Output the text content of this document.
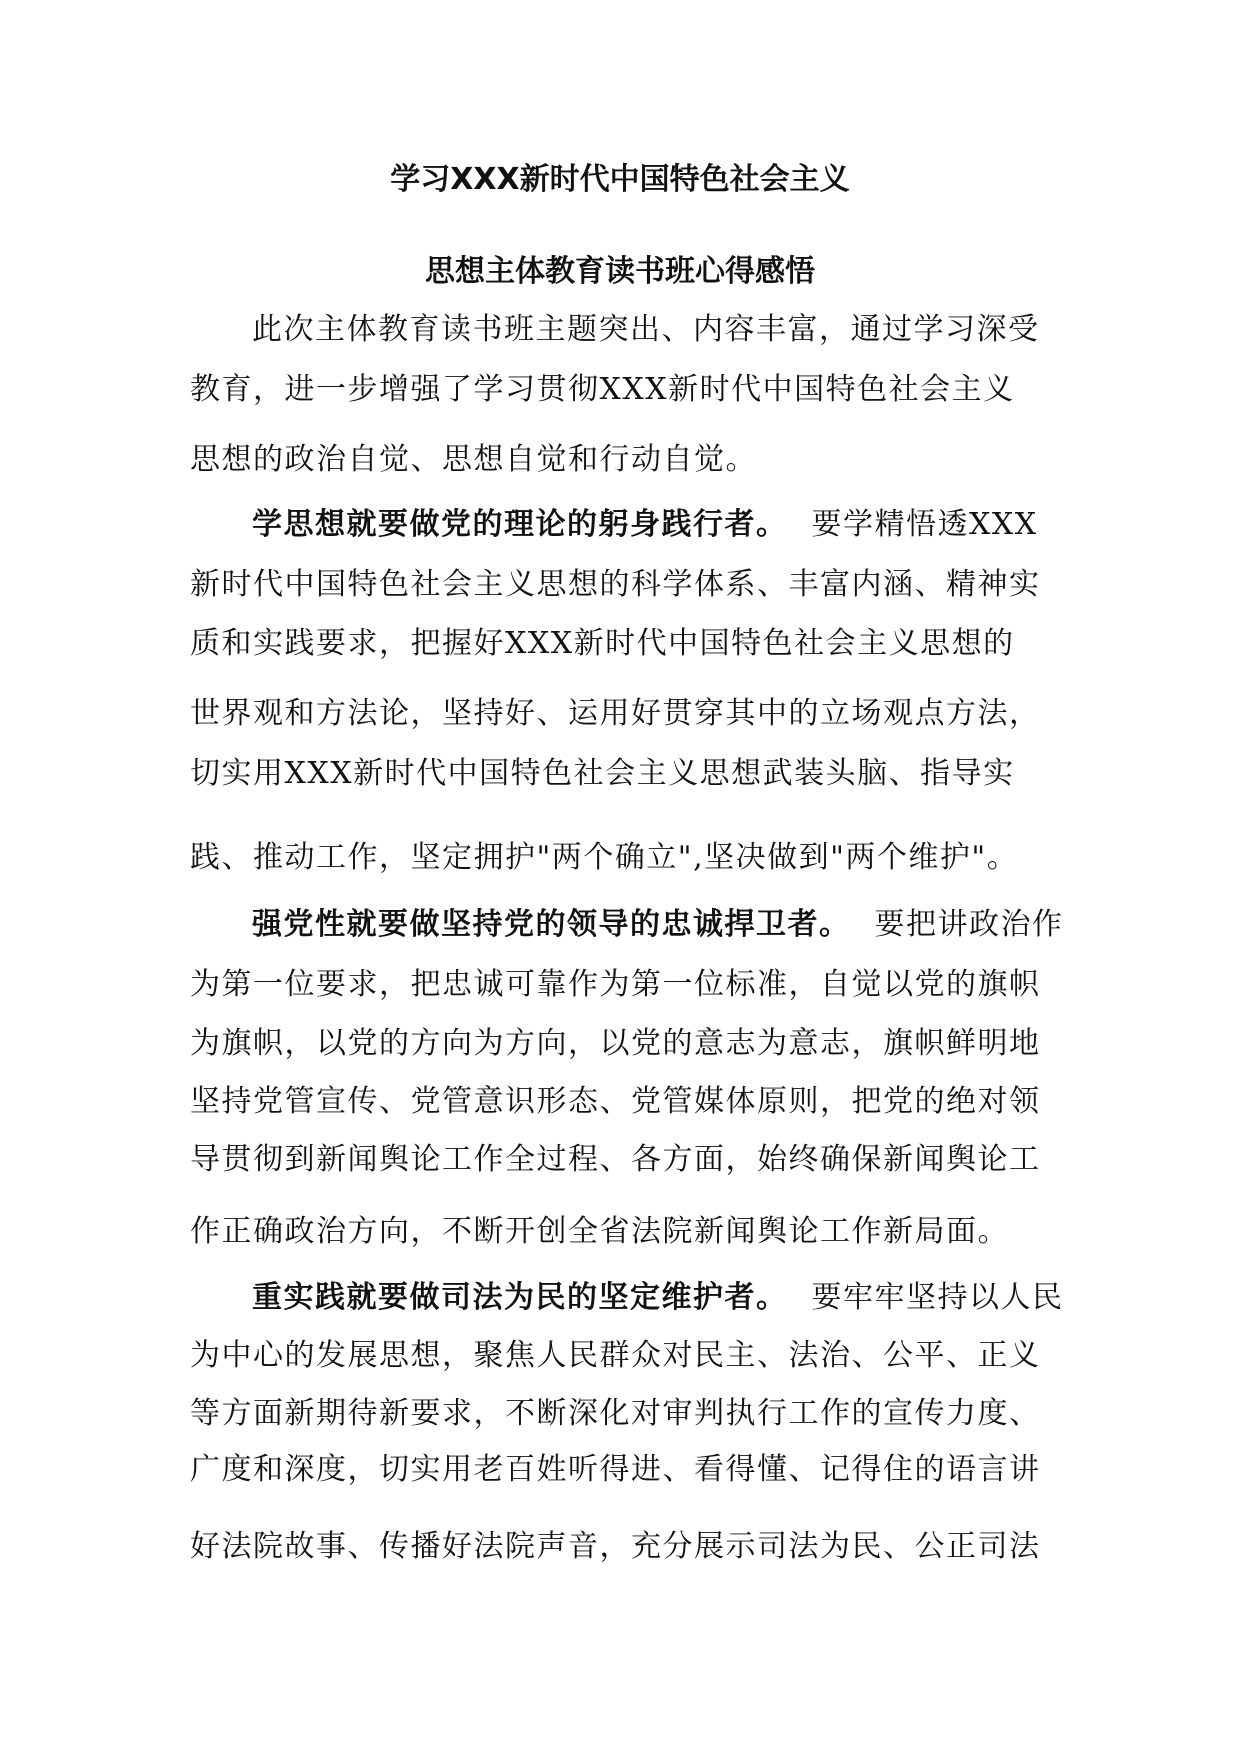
学习XXX新时代中国特色社会主义
思想主体教育读书班心得感悟

此次主体教育读书班主题突出、内容丰富，通过学习深受

教育，进一步增强了学习贯彻XXX新时代中国特色社会主义

思想的政治自觉、思想自觉和行动自觉。

学思想就要做党的理论的躬身践行者。 要学精悟透XXX

新时代中国特色社会主义思想的科学体系、丰富内涵、精神实

质和实践要求，把握好XXX新时代中国特色社会主义思想的

世界观和方法论，坚持好、运用好贯穿其中的立场观点方法，

切实用XXX新时代中国特色社会主义思想武装头脑、指导实

践、推动工作，坚定拥护"两个确立",坚决做到"两个维护"。

强党性就要做坚持党的领导的忠诚捍卫者。 要把讲政治作

为第一位要求，把忠诚可靠作为第一位标准，自觉以党的旗帜

为旗帜，以党的方向为方向，以党的意志为意志，旗帜鲜明地

坚持党管宣传、党管意识形态、党管媒体原则，把党的绝对领

导贯彻到新闻舆论工作全过程、各方面，始终确保新闻舆论工

作正确政治方向，不断开创全省法院新闻舆论工作新局面。

重实践就要做司法为民的坚定维护者。 要牢牢坚持以人民

为中心的发展思想，聚焦人民群众对民主、法治、公平、正义

等方面新期待新要求，不断深化对审判执行工作的宣传力度、

广度和深度，切实用老百姓听得进、看得懂、记得住的语言讲

好法院故事、传播好法院声音，充分展示司法为民、公正司法
